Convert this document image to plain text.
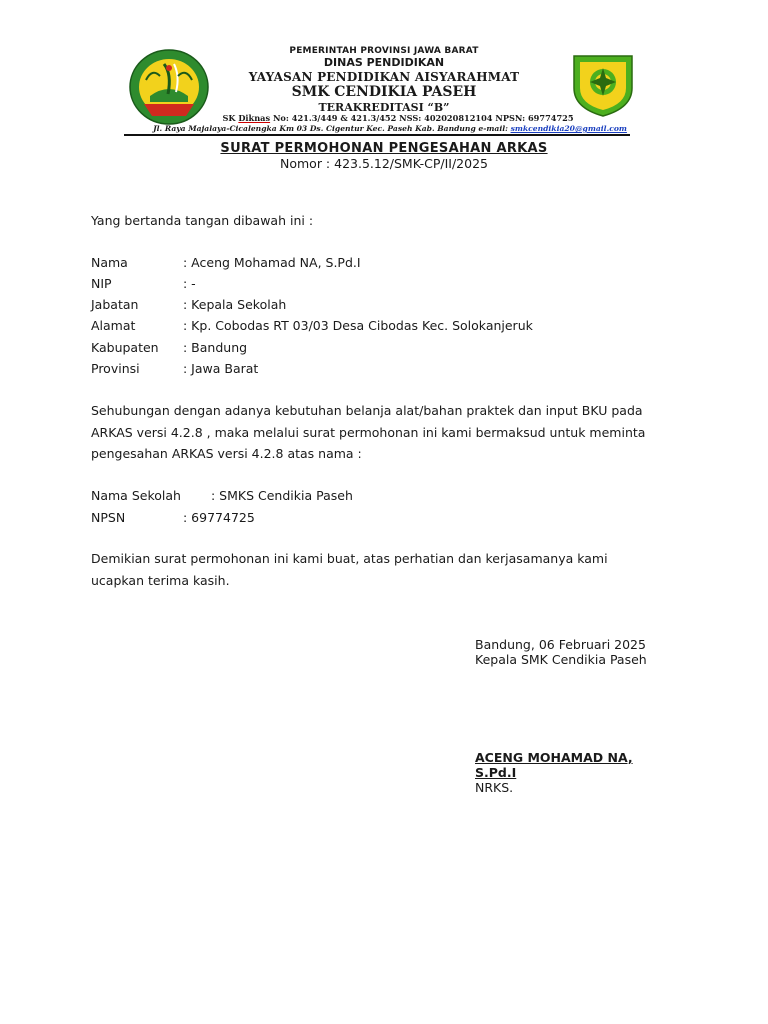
PEMERINTAH PROVINSI JAWA BARAT
DINAS PENDIDIKAN
YAYASAN PENDIDIKAN AISYARAHMAT
SMK CENDIKIA PASEH
TERAKREDITASI “B”
SK Diknas No: 421.3/449 & 421.3/452 NSS: 402020812104 NPSN: 69774725
Jl. Raya Majalaya-Cicalengka Km 03 Ds. Cigentur Kec. Paseh Kab. Bandung e-mail: smkcendikia20@gmail.com
SURAT PERMOHONAN PENGESAHAN ARKAS
Nomor : 423.5.12/SMK-CP/II/2025
Yang bertanda tangan dibawah ini :
Nama	: Aceng Mohamad NA, S.Pd.I
NIP	: -
Jabatan	: Kepala Sekolah
Alamat	: Kp. Cobodas RT 03/03 Desa Cibodas Kec. Solokanjeruk
Kabupaten : Bandung
Provinsi	: Jawa Barat
Sehubungan dengan adanya kebutuhan belanja alat/bahan praktek dan input BKU pada
ARKAS versi 4.2.8 , maka melalui surat permohonan ini kami bermaksud untuk meminta
pengesahan ARKAS versi 4.2.8 atas nama :
Nama Sekolah : SMKS Cendikia Paseh
NPSN	: 69774725
Demikian surat permohonan ini kami buat, atas perhatian dan kerjasamanya kami
ucapkan terima kasih.
Bandung, 06 Februari 2025
Kepala SMK Cendikia Paseh
ACENG MOHAMAD NA,
S.Pd.I
NRKS.
